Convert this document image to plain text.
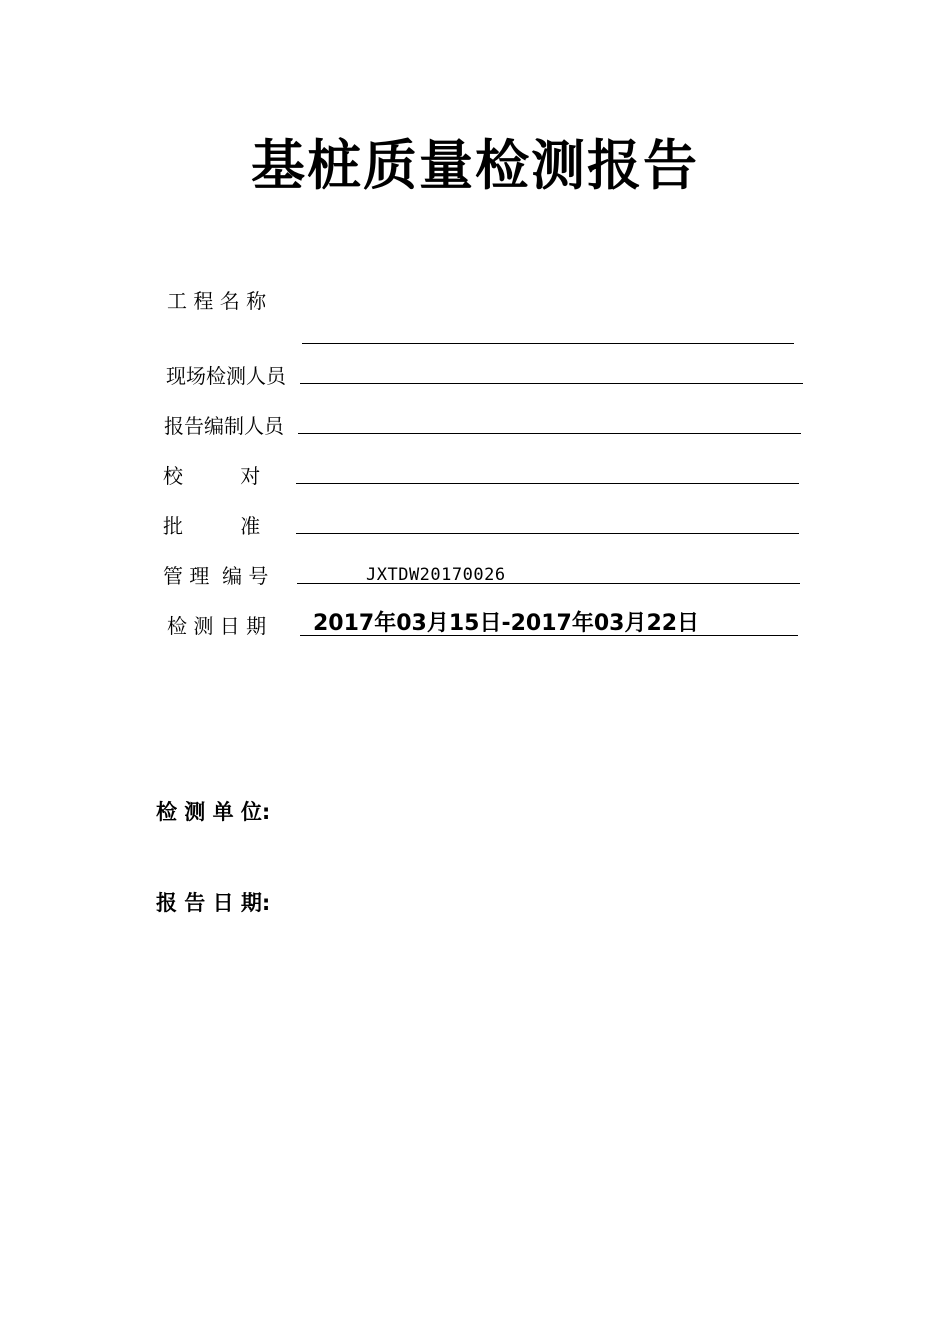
基桩质量检测报告
工 程 名 称
现场检测人员
报告编制人员
校         对
批         准
管 理  编 号	JXTDW20170026
检 测 日 期 2017年03月15日-2017年03月22日
检 测 单 位:
报 告 日 期:
